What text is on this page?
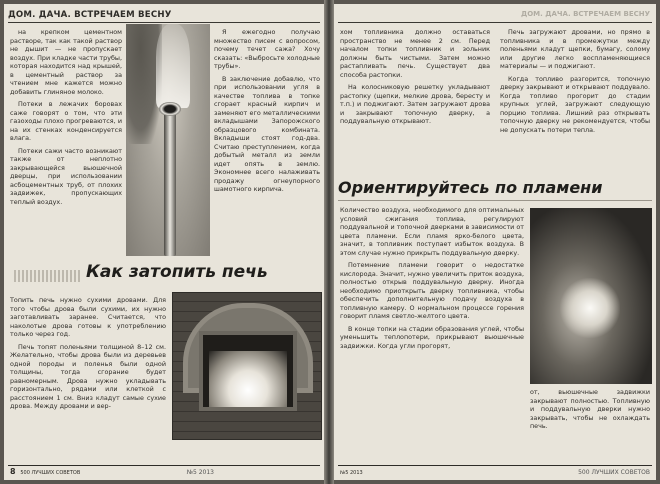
ДОМ. ДАЧА. ВСТРЕЧАЕМ ВЕСНУ

на крепком цементном растворе, так как такой раствор не дышит — не пропускает воздух. При кладке части трубы, которая находится над крышей, в цементный раствор за чтением мне кажется можно добавить глиняное молоко.

Потеки в лежачих боровах саже говорят о том, что эти газоходы плохо прогреваются, и на их стенках конденсируется влага.

Потеки сажи часто возникают также от неплотно закрывающейся вьюшечной дверцы, при использовании асбоцементных труб, от плохих задвижек, пропускающих теплый воздух.

Я ежегодно получаю множество писем с вопросом, почему течет сажа? Хочу сказать: «Выбросьте холодные трубы».

В заключение добавлю, что при использовании угля в качестве топлива в топке сгорает красный кирпич и заменяют его металлическими вкладышами Запорожского образцового комбината. Вкладыши стоят год-два. Считаю преступлением, когда добытый металл из земли идет опять в землю. Экономнее всего налаживать продажу огнеупорного шамотного кирпича.

Как затопить печь

Топить печь нужно сухими дровами. Для того чтобы дрова были сухими, их нужно заготавливать заранее. Считается, что наколотые дрова готовы к употреблению только через год.

Печь топят поленьями толщиной 8–12 см. Желательно, чтобы дрова были из деревьев одной породы и поленья были одной толщины, тогда сгорание будет равномерным. Дрова нужно укладывать горизонтально, рядами или клеткой с расстоянием 1 см. Вниз кладут самые сухие дрова. Между дровами и вер-

8 500 ЛУЧШИХ СОВЕТОВ	№5 2013
ДОМ. ДАЧА. ВСТРЕЧАЕМ ВЕСНУ

хом топливника должно оставаться пространство не менее 2 см. Перед началом топки топливник и зольник должны быть чистыми. Затем можно растапливать печь. Существует два способа растопки.

На колосниковую решетку укладывают растопку (щепки, мелкие дрова, бересту и т.п.) и поджигают. Затем загружают дрова и закрывают топочную дверку, а поддувальную открывают.

Печь загружают дровами, но прямо в топливника и в промежутки между поленьями кладут щепки, бумагу, солому или другие легко воспламеняющиеся материалы — и поджигают.

Когда топливо разгорится, топочную дверку закрывают и открывают поддувало. Когда топливо прогорит до стадии крупных углей, загружают следующую порцию топлива. Лишний раз открывать топочную дверку не рекомендуется, чтобы не допускать потери тепла.

Ориентируйтесь по пламени

Количество воздуха, необходимого для оптимальных условий сжигания топлива, регулируют поддувальной и топочной дверками в зависимости от цвета пламени. Если пламя ярко-белого цвета, значит, в топливник поступает избыток воздуха. В этом случае нужно прикрыть поддувальную дверку.

Потемнение пламени говорит о недостатке кислорода. Значит, нужно увеличить приток воздуха, полностью открыв поддувальную дверку. Иногда необходимо приоткрыть дверку топливника, чтобы обеспечить дополнительную подачу воздуха в топливную камеру. О нормальном процессе горения говорит пламя светло-желтого цвета.

В конце топки на стадии образования углей, чтобы уменьшить теплопотери, прикрывают вьюшечные задвижки. Когда угли прогорят,

от, вьюшечные задвижки закрывают полностью. Топливную и поддувальную дверки нужно закрывать, чтобы не охлаждать печь.

№5 2013	500 ЛУЧШИХ СОВЕТОВ
